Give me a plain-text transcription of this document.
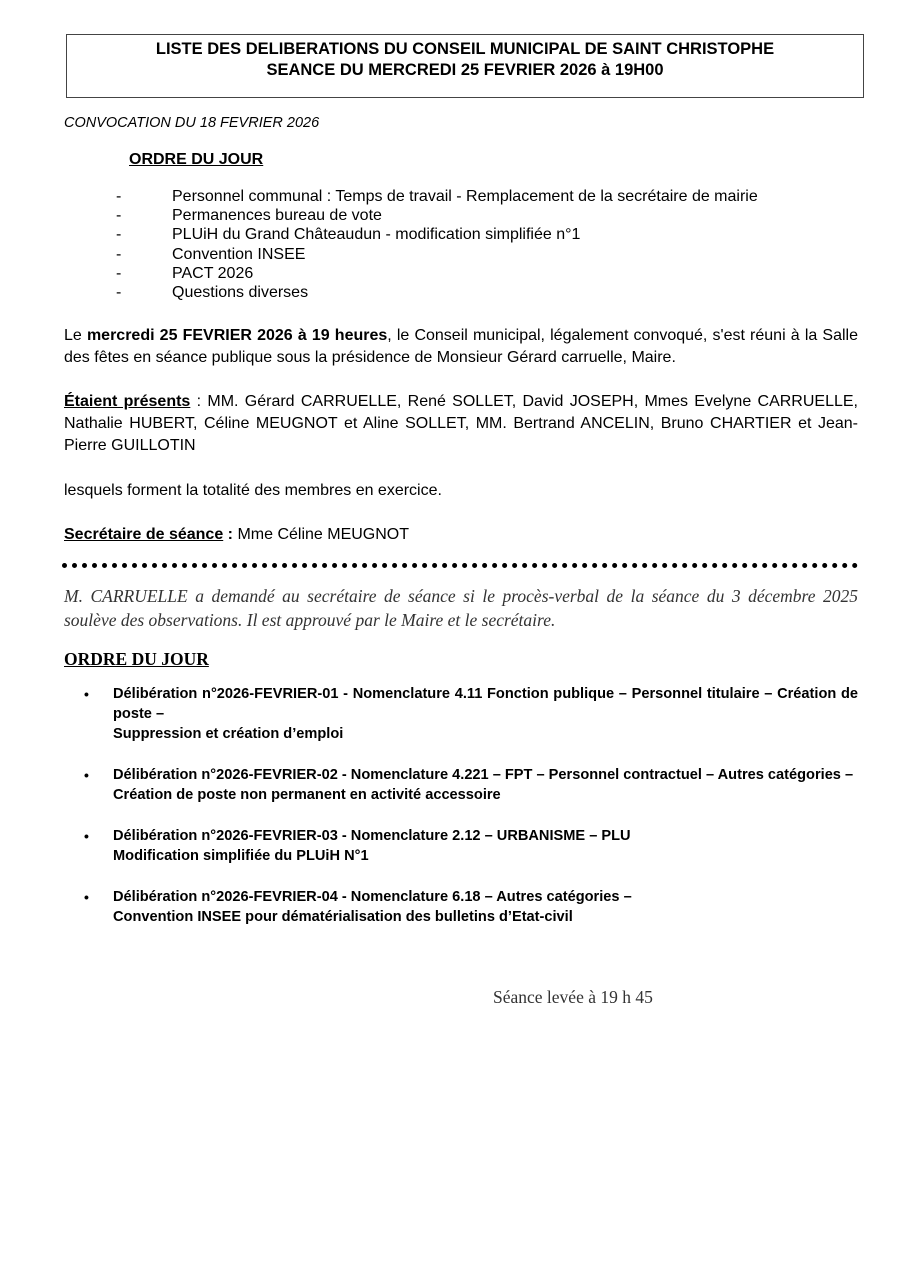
LISTE DES DELIBERATIONS DU CONSEIL MUNICIPAL DE SAINT CHRISTOPHE
SEANCE DU MERCREDI 25 FEVRIER 2026 à 19H00
CONVOCATION DU 18 FEVRIER 2026
ORDRE DU JOUR
-	Personnel communal : Temps de travail - Remplacement de la secrétaire de mairie
-	Permanences bureau de vote
-	PLUiH du Grand Châteaudun - modification simplifiée n°1
-	Convention INSEE
-	PACT 2026
-	Questions diverses

Le mercredi 25 FEVRIER 2026 à 19 heures, le Conseil municipal, légalement convoqué, s'est réuni à la Salle des fêtes en séance publique sous la présidence de Monsieur Gérard carruelle, Maire.

Étaient présents : MM. Gérard CARRUELLE, René SOLLET, David JOSEPH, Mmes Evelyne CARRUELLE, Nathalie HUBERT, Céline MEUGNOT et Aline SOLLET, MM. Bertrand ANCELIN, Bruno CHARTIER et Jean-Pierre GUILLOTIN

lesquels forment la totalité des membres en exercice.

Secrétaire de séance : Mme Céline MEUGNOT

M. CARRUELLE a demandé au secrétaire de séance si le procès-verbal de la séance du 3 décembre 2025 soulève des observations. Il est approuvé par le Maire et le secrétaire.

ORDRE DU JOUR
• Délibération n°2026-FEVRIER-01 - Nomenclature 4.11 Fonction publique – Personnel titulaire – Création de poste –
Suppression et création d’emploi
• Délibération n°2026-FEVRIER-02 - Nomenclature 4.221 – FPT – Personnel contractuel – Autres catégories –
Création de poste non permanent en activité accessoire
• Délibération n°2026-FEVRIER-03 - Nomenclature 2.12 – URBANISME – PLU
Modification simplifiée du PLUiH N°1
• Délibération n°2026-FEVRIER-04 - Nomenclature 6.18 – Autres catégories –
Convention INSEE pour dématérialisation des bulletins d’Etat-civil
Séance levée à 19 h 45
